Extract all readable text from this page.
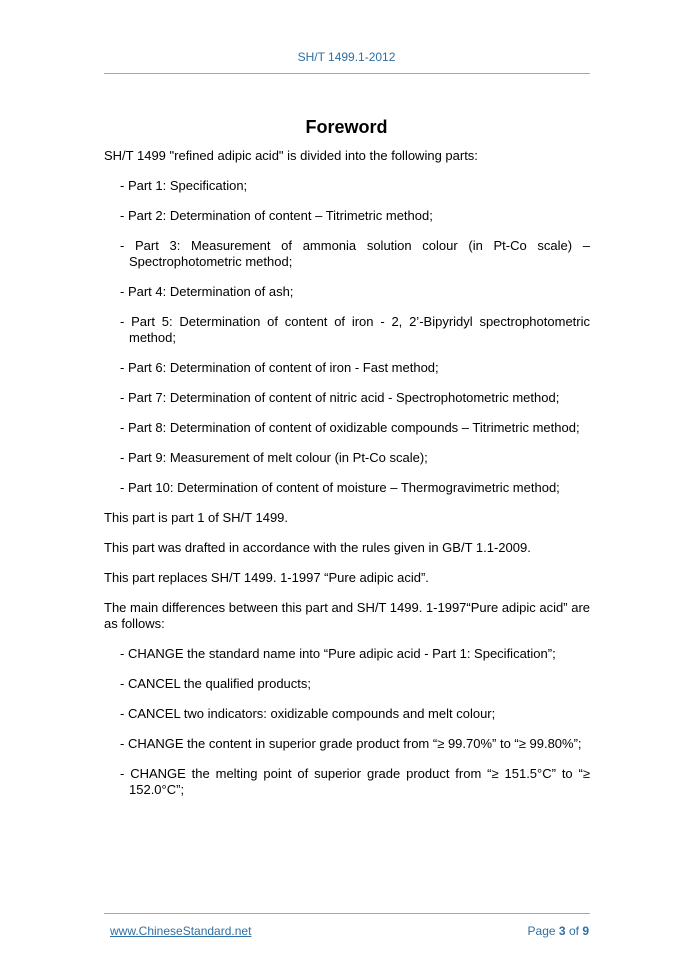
SH/T 1499.1-2012
Foreword

SH/T 1499 "refined adipic acid" is divided into the following parts:

- Part 1: Specification;

- Part 2: Determination of content – Titrimetric method;

- Part 3: Measurement of ammonia solution colour (in Pt-Co scale) – Spectrophotometric method;

- Part 4: Determination of ash;

- Part 5: Determination of content of iron - 2, 2’-Bipyridyl spectrophotometric method;

- Part 6: Determination of content of iron - Fast method;

- Part 7: Determination of content of nitric acid - Spectrophotometric method;

- Part 8: Determination of content of oxidizable compounds – Titrimetric method;

- Part 9: Measurement of melt colour (in Pt-Co scale);

- Part 10: Determination of content of moisture – Thermogravimetric method;

This part is part 1 of SH/T 1499.

This part was drafted in accordance with the rules given in GB/T 1.1-2009.

This part replaces SH/T 1499. 1-1997 “Pure adipic acid”.

The main differences between this part and SH/T 1499. 1-1997“Pure adipic acid” are as follows:

- CHANGE the standard name into “Pure adipic acid - Part 1: Specification”;

- CANCEL the qualified products;

- CANCEL two indicators: oxidizable compounds and melt colour;

- CHANGE the content in superior grade product from “≥ 99.70%” to “≥ 99.80%”;

- CHANGE the melting point of superior grade product from “≥ 151.5°C” to “≥ 152.0°C”;

www.ChineseStandard.net	Page 3 of 9
